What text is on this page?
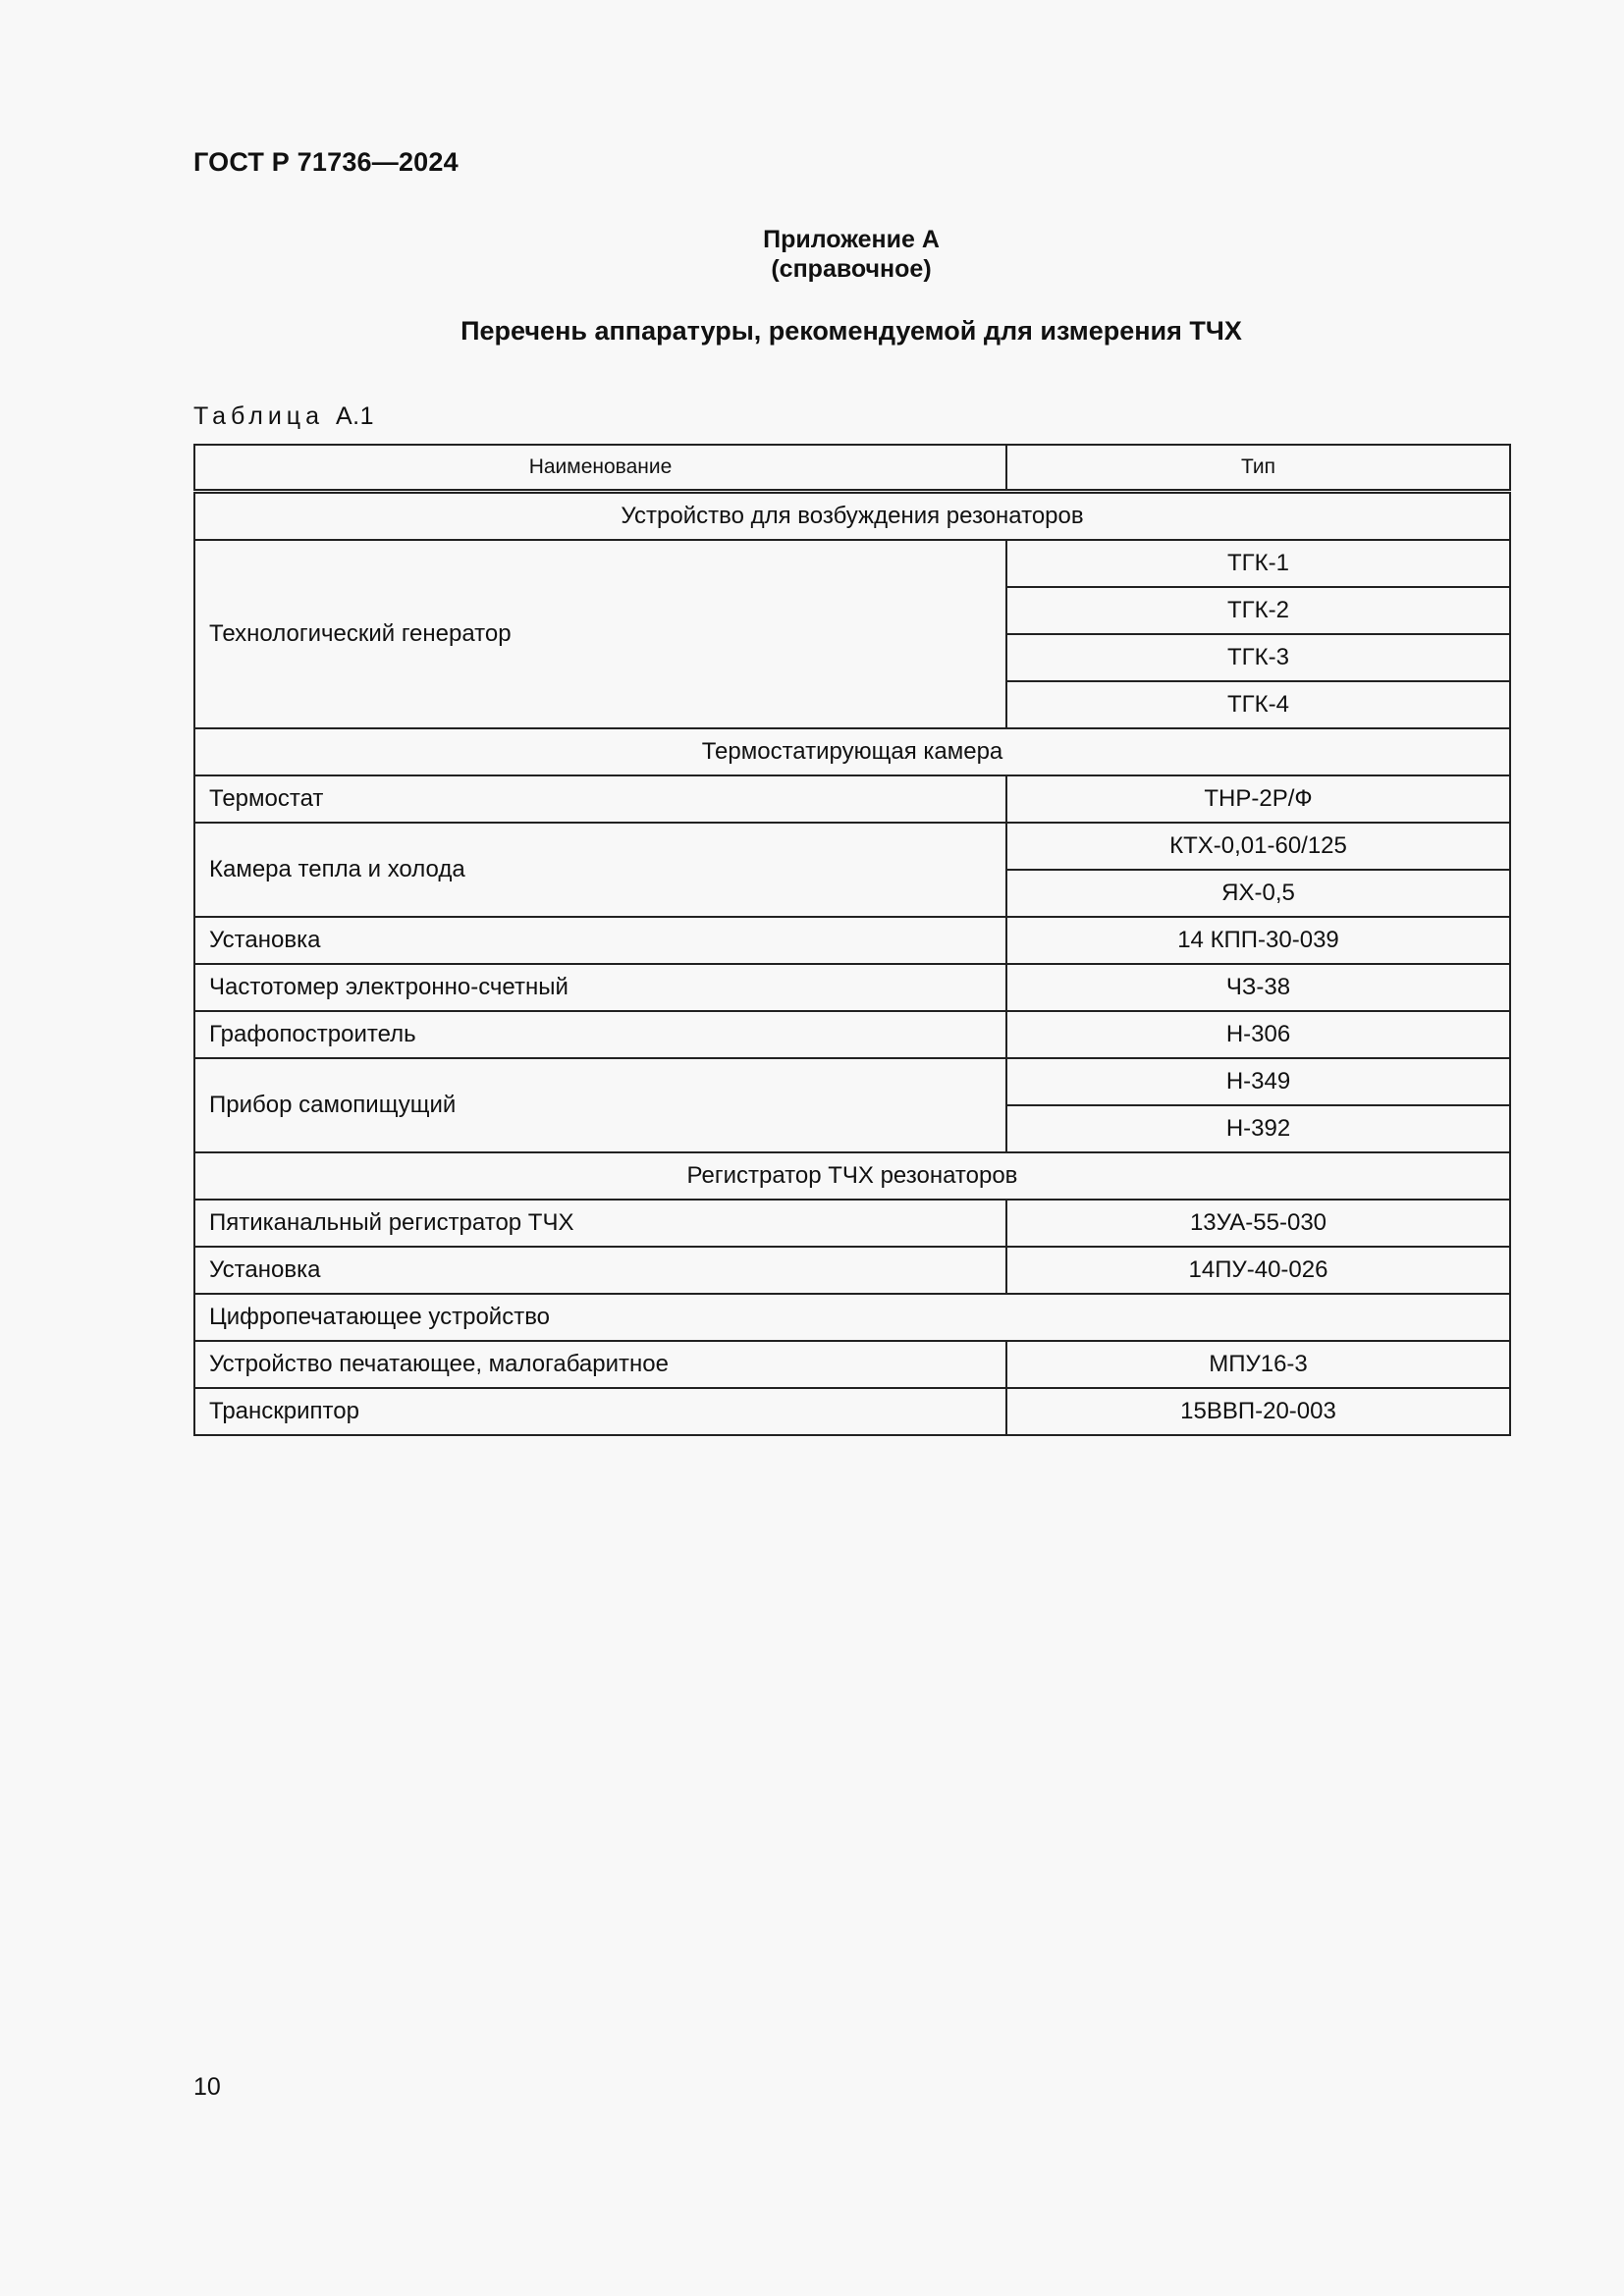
ГОСТ Р 71736—2024
Приложение А
(справочное)
Перечень аппаратуры, рекомендуемой для измерения ТЧХ
Таблица А.1
Наименование	Тип
Устройство для возбуждения резонаторов	
Технологический генератор	ТГК-1
	ТГК-2
	ТГК-3
	ТГК-4
Термостатирующая камера	
Термостат	ТНР-2Р/Ф
Камера тепла и холода	КТХ-0,01-60/125
	ЯХ-0,5
Установка	14 КПП-30-039
Частотомер электронно-счетный	ЧЗ-38
Графопостроитель	Н-306
Прибор самопищущий	Н-349
	Н-392
Регистратор ТЧХ резонаторов	
Пятиканальный регистратор ТЧХ	13УА-55-030
Установка	14ПУ-40-026
Цифропечатающее устройство	
Устройство печатающее, малогабаритное	МПУ16-3
Транскриптор	15ВВП-20-003
10
